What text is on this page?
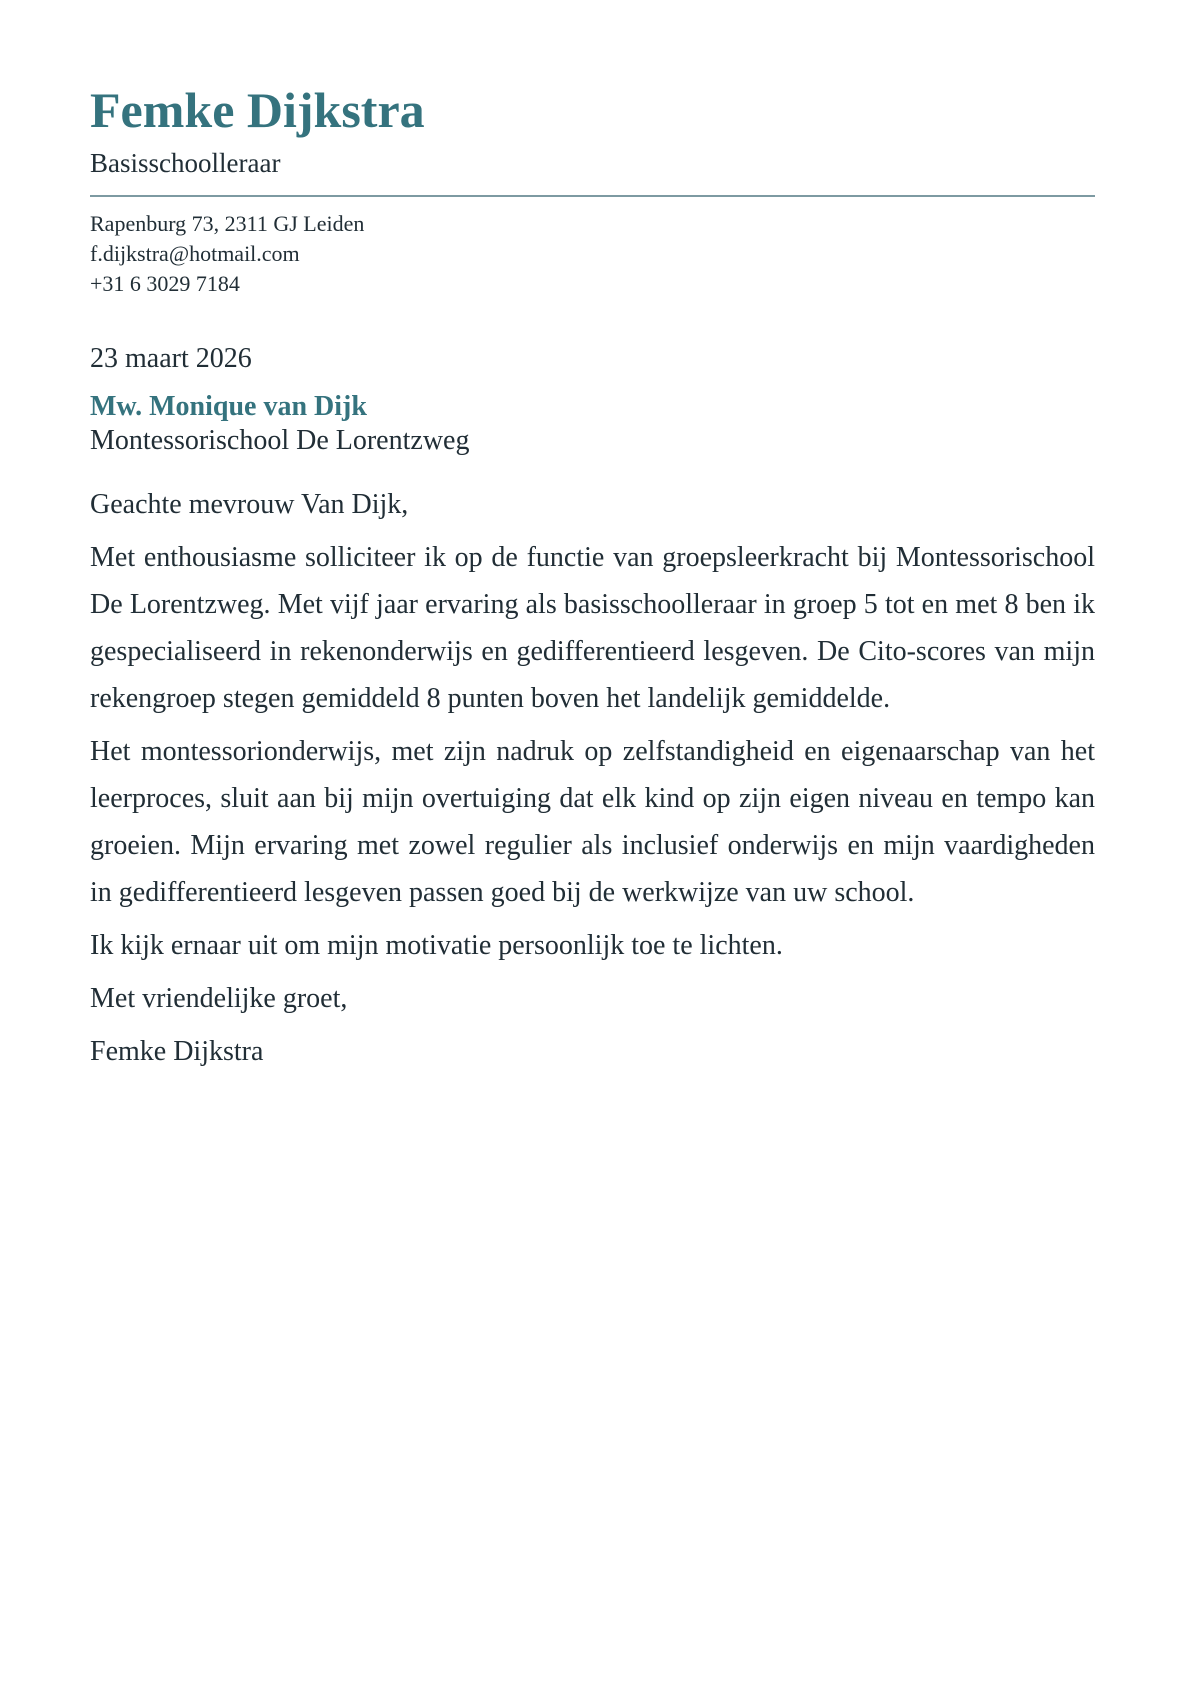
Femke Dijkstra
Basisschoolleraar
Rapenburg 73, 2311 GJ Leiden
f.dijkstra@hotmail.com
+31 6 3029 7184
23 maart 2026
Mw. Monique van Dijk
Montessorischool De Lorentzweg

Geachte mevrouw Van Dijk,

Met enthousiasme solliciteer ik op de functie van groepsleerkracht bij Montessorischool De Lorentzweg. Met vijf jaar ervaring als basisschoolleraar in groep 5 tot en met 8 ben ik gespecialiseerd in rekenonderwijs en gedifferentieerd lesgeven. De Cito-scores van mijn rekengroep stegen gemiddeld 8 punten boven het landelijk gemiddelde.

Het montessorionderwijs, met zijn nadruk op zelfstandigheid en eigenaarschap van het leerproces, sluit aan bij mijn overtuiging dat elk kind op zijn eigen niveau en tempo kan groeien. Mijn ervaring met zowel regulier als inclusief onderwijs en mijn vaardigheden in gedifferentieerd lesgeven passen goed bij de werkwijze van uw school.

Ik kijk ernaar uit om mijn motivatie persoonlijk toe te lichten.

Met vriendelijke groet,

Femke Dijkstra
